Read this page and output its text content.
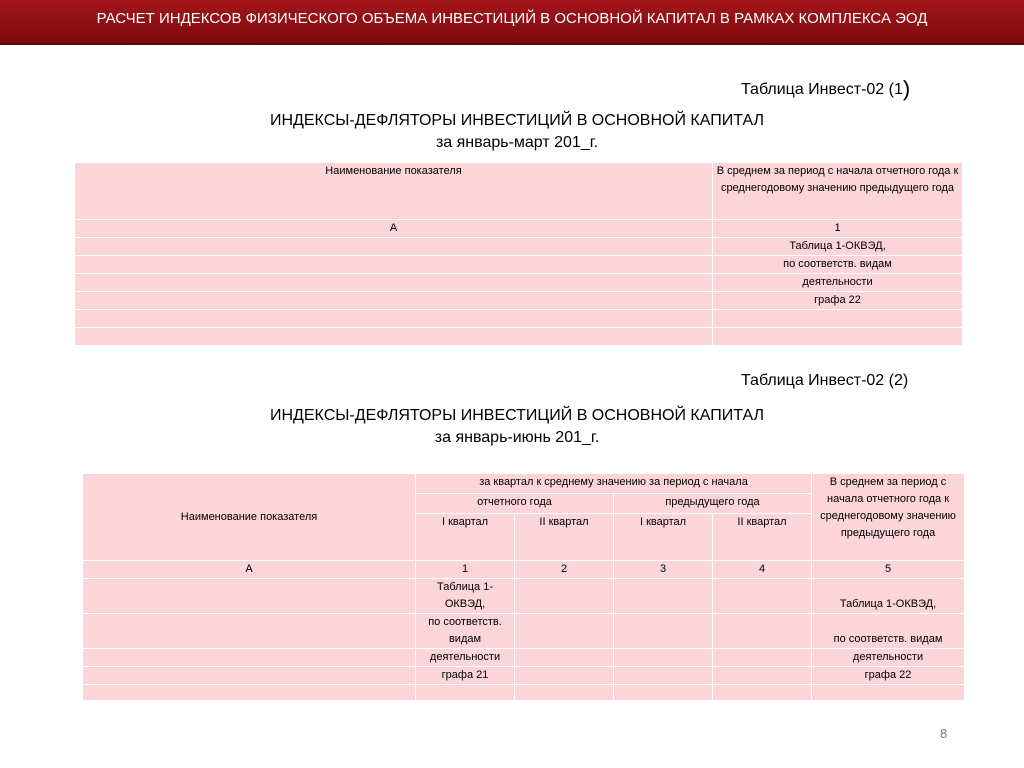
РАСЧЕТ ИНДЕКСОВ ФИЗИЧЕСКОГО ОБЪЕМА ИНВЕСТИЦИЙ В ОСНОВНОЙ КАПИТАЛ В РАМКАХ КОМПЛЕКСА ЭОД
Таблица Инвест-02 (1)
ИНДЕКСЫ-ДЕФЛЯТОРЫ ИНВЕСТИЦИЙ В ОСНОВНОЙ КАПИТАЛ
за январь-март 201_г.
Наименование показателя	В среднем за период с начала отчетного года к среднегодовому значению предыдущего года
А	1
	Таблица 1-ОКВЭД,
	по соответств. видам
	деятельности
	графа 22

Таблица Инвест-02 (2)
ИНДЕКСЫ-ДЕФЛЯТОРЫ ИНВЕСТИЦИЙ В ОСНОВНОЙ КАПИТАЛ
за январь-июнь 201_г.
Наименование показателя	за квартал к среднему значению за период с начала				В среднем за период с начала отчетного года к среднегодовому значению предыдущего года
	отчетного года		предыдущего года		
	I квартал	II квартал	I квартал	II квартал	
А	1	2	3	4	5
	Таблица 1-ОКВЭД,				Таблица 1-ОКВЭД,
	по соответств. видам				по соответств. видам
	деятельности				деятельности
	графа 21				графа 22

8
